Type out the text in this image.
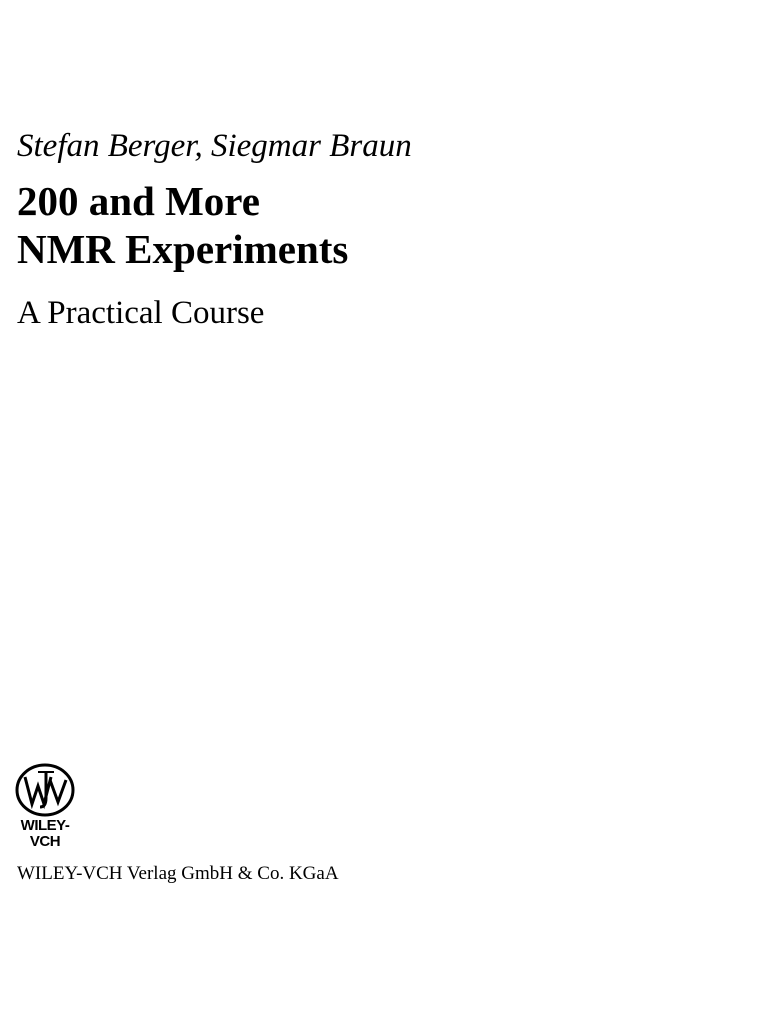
Stefan Berger, Siegmar Braun
200 and More
NMR Experiments
A Practical Course
WILEY-
VCH
WILEY-VCH Verlag GmbH & Co. KGaA
